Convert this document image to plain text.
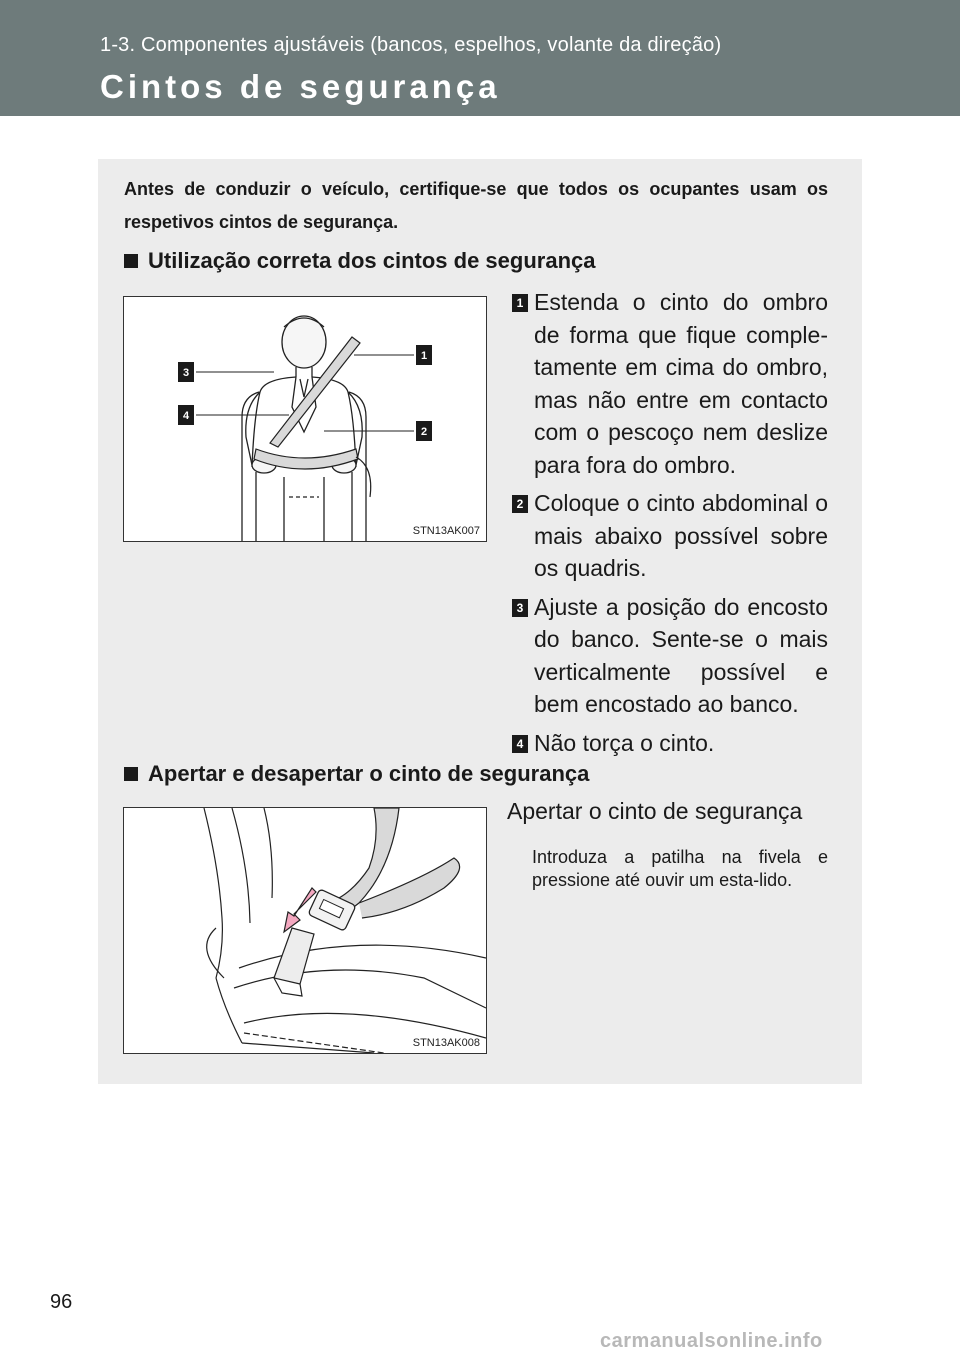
1-3. Componentes ajustáveis (bancos, espelhos, volante da direção)
Cintos de segurança
Antes de conduzir o veículo, certifique-se que todos os ocupantes usam os respetivos cintos de segurança.
Utilização correta dos cintos de segurança
1
2
3
4
STN13AK007
1 Estenda o cinto do ombro de forma que fique comple-tamente em cima do ombro, mas não entre em contacto com o pescoço nem deslize para fora do ombro.
2 Coloque o cinto abdominal o mais abaixo possível sobre os quadris.
3 Ajuste a posição do encosto do banco. Sente-se o mais verticalmente possível e bem encostado ao banco.
4 Não torça o cinto.
Apertar e desapertar o cinto de segurança
STN13AK008
Apertar o cinto de segurança
Introduza a patilha na fivela e pressione até ouvir um esta-lido.
96
carmanualsonline.info
